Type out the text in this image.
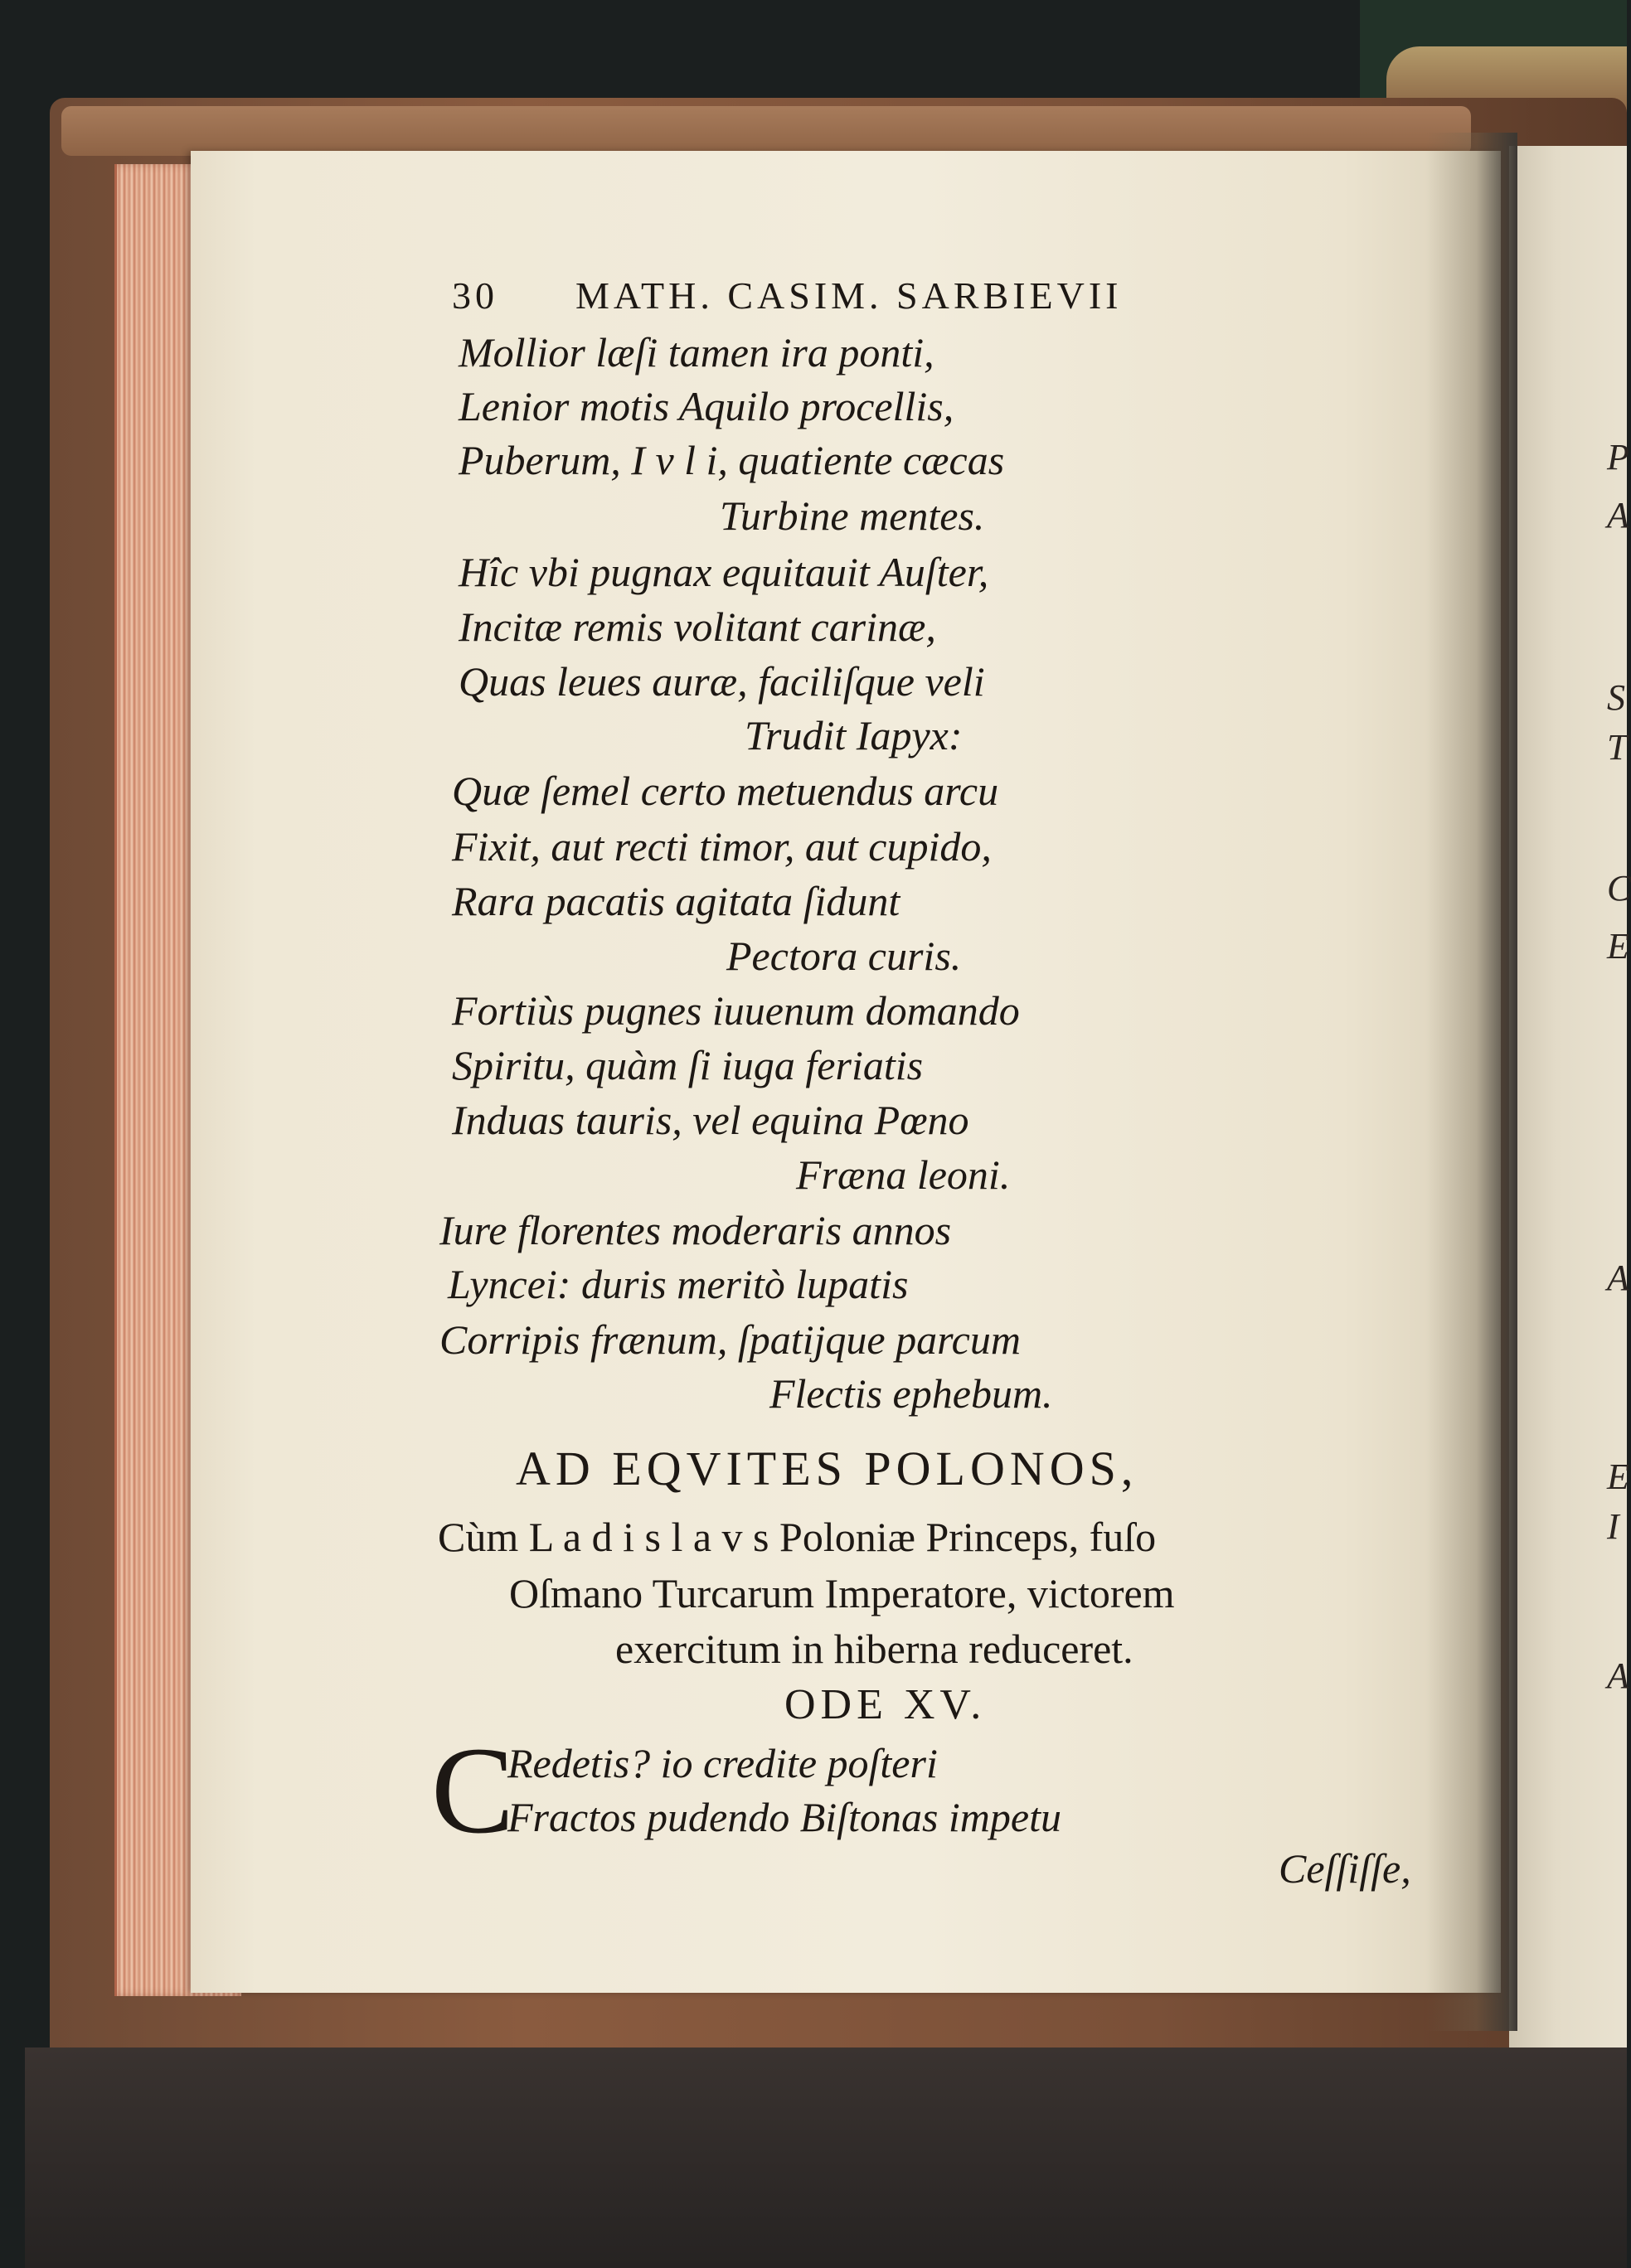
P
A
S
T
C
E
A
E
I
A
30 MATH. CASIM. SARBIEVII
Mollior læſi tamen ira ponti,
Lenior motis Aquilo procellis,
Puberum, I v l i, quatiente cæcas
Turbine mentes.
Hîc vbi pugnax equitauit Auſter,
Incitæ remis volitant carinæ,
Quas leues auræ, faciliſque veli
Trudit Iapyx:
Quæ ſemel certo metuendus arcu
Fixit, aut recti timor, aut cupido,
Rara pacatis agitata ſidunt
Pectora curis.
Fortiùs pugnes iuuenum domando
Spiritu, quàm ſi iuga feriatis
Induas tauris, vel equina Pœno
Fræna leoni.
Iure florentes moderaris annos
Lyncei: duris meritò lupatis
Corripis frænum, ſpatijque parcum
Flectis ephebum.
AD EQVITES POLONOS,
Cùm L a d i s l a v s Poloniæ Princeps, fuſo
Oſmano Turcarum Imperatore, victorem
exercitum in hiberna reduceret.
ODE XV.
C
Redetis? io credite poſteri
Fractos pudendo Biſtonas impetu
Ceſſiſſe,
